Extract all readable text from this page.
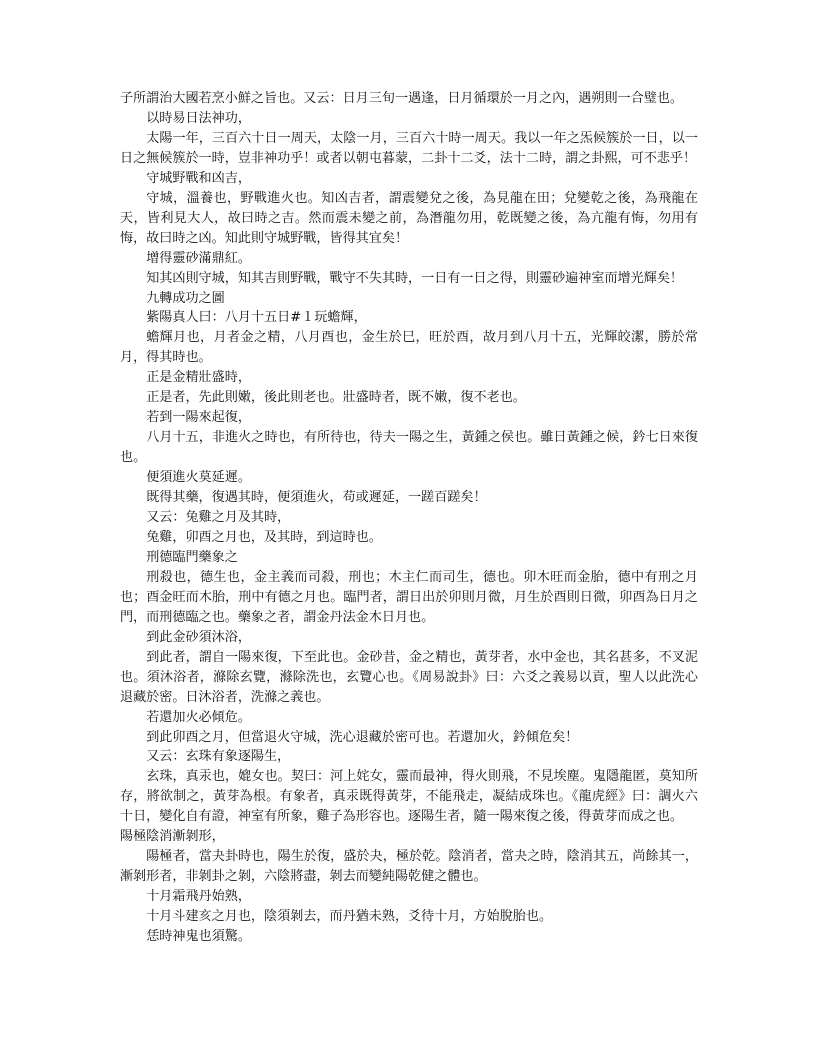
子所謂治大國若烹小鮮之旨也。又云：日月三旬一遇逢，日月循環於一月之內，遇朔則一合璧也。

以時易日法神功，

太陽一年，三百六十日一周天，太陰一月，三百六十時一周天。我以一年之炁候簇於一日，以一日之無候簇於一時，豈非神功乎！或者以朝屯暮蒙，二卦十二爻，法十二時，謂之卦熙，可不悲乎！

守城野戰和凶吉，

守城，溫養也，野戰進火也。知凶吉者，謂震變兌之後，為見龍在田；兌變乾之後，為飛龍在天，皆利見大人，故曰時之吉。然而震未變之前，為潛龍勿用，乾既變之後，為亢龍有悔，勿用有悔，故曰時之凶。知此則守城野戰，皆得其宜矣！

增得靈砂滿鼎紅。

知其凶則守城，知其吉則野戰，戰守不失其時，一日有一日之得，則靈砂遍神室而增光輝矣！

九轉成功之圖

紫陽真人曰：八月十五日#１玩蟾輝，

蟾輝月也，月者金之精，八月酉也，金生於巳，旺於酉，故月到八月十五，光輝皎潔，勝於常月，得其時也。

正是金精壯盛時，

正是者，先此則嫩，後此則老也。壯盛時者，既不嫩，復不老也。

若到一陽來起復，

八月十五，非進火之時也，有所待也，待夫一陽之生，黃鍾之侯也。雖日黃鍾之候，鈐七日來復也。

便須進火莫延遲。

既得其藥，復遇其時，便須進火，苟或遲延，一蹉百蹉矣！

又云：兔雞之月及其時，

兔雞，卯酉之月也，及其時，到這時也。

刑德臨門藥象之

刑殺也，德生也，金主義而司殺，刑也；木主仁而司生，德也。卯木旺而金胎，德中有刑之月也；酉金旺而木胎，刑中有德之月也。臨門者，謂日出於卯則月微，月生於酉則日微，卯酉為日月之門，而刑德臨之也。藥象之者，謂金丹法金木日月也。

到此金砂須沐浴，

到此者，謂自一陽來復，下至此也。金砂昔，金之精也，黃芽者，水中金也，其名甚多，不叉泥也。須沐浴者，滌除玄覽，滌除洗也，玄覽心也。《周易說卦》曰：六爻之義易以貢，聖人以此洗心退藏於密。日沐浴者，洗滌之義也。

若還加火必傾危。

到此卯酉之月，但當退火守城，洗心退藏於密可也。若還加火，鈐傾危矣！

又云：玄珠有象逐陽生，

玄珠，真汞也，媲女也。契曰：河上姹女，靈而最神，得火則飛，不見埃塵。鬼隱龍匿，莫知所存，將欲制之，黃芽為根。有象者，真汞既得黃芽，不能飛走，凝結成珠也。《龍虎經》曰：調火六十日，變化自有證，神室有所象，雞子為形容也。逐陽生者，隨一陽來復之後，得黃芽而成之也。

陽極陰消漸剝形，

陽極者，當夬卦時也，陽生於復，盛於夬，極於乾。陰消者，當夬之時，陰消其五，尚餘其一，漸剝形者，非剝卦之剝，六陰將盡，剝去而變純陽乾健之體也。

十月霜飛丹始熟，

十月斗建亥之月也，陰須剝去，而丹猶未熟，爻待十月，方始脫胎也。

恁時神鬼也須驚。
